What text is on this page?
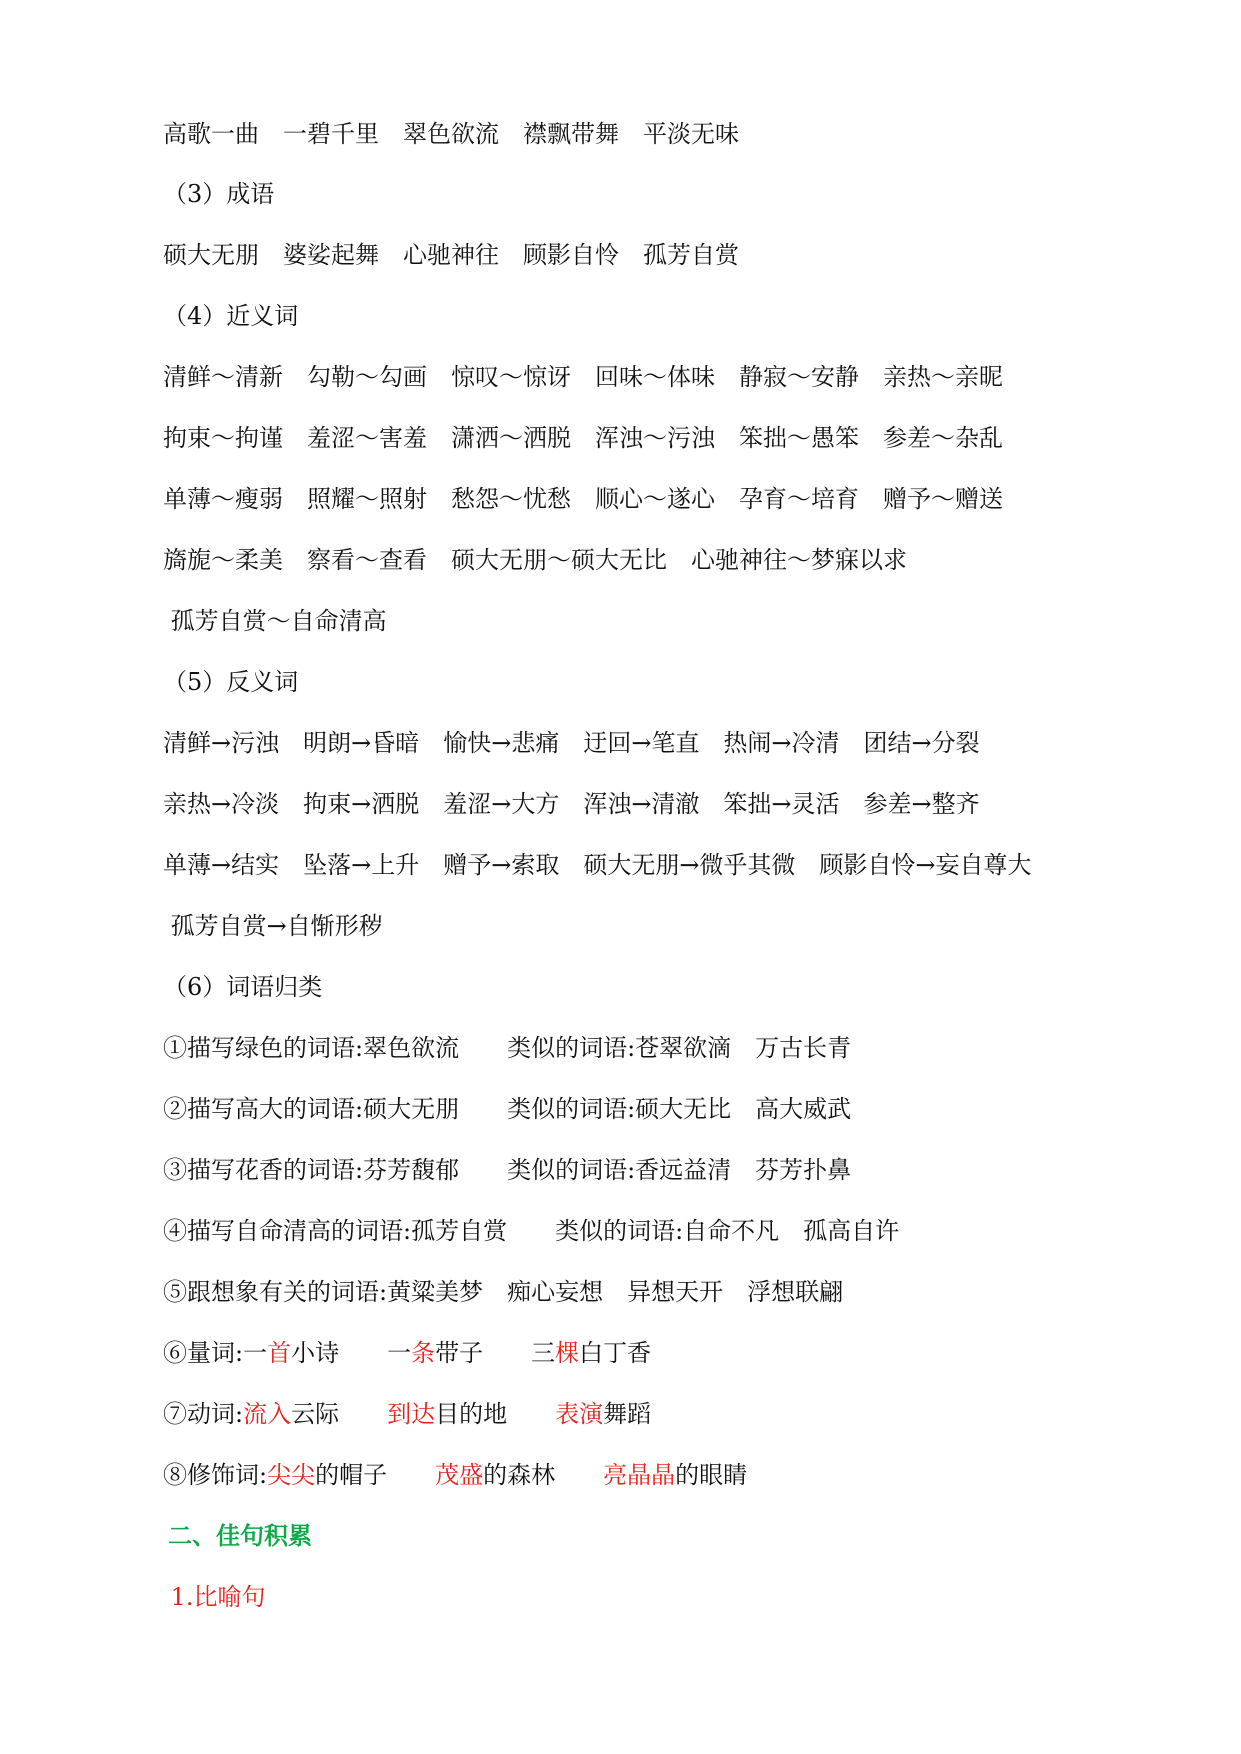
高歌一曲　一碧千里　翠色欲流　襟飘带舞　平淡无味
（3）成语
硕大无朋　婆娑起舞　心驰神往　顾影自怜　孤芳自赏
（4）近义词
清鲜～清新　勾勒～勾画　惊叹～惊讶　回味～体味　静寂～安静　亲热～亲昵
拘束～拘谨　羞涩～害羞　潇洒～洒脱　浑浊～污浊　笨拙～愚笨　参差～杂乱
单薄～瘦弱　照耀～照射　愁怨～忧愁　顺心～遂心　孕育～培育　赠予～赠送
旖旎～柔美　察看～查看　硕大无朋～硕大无比　心驰神往～梦寐以求
孤芳自赏～自命清高
（5）反义词
清鲜→污浊　明朗→昏暗　愉快→悲痛　迂回→笔直　热闹→冷清　团结→分裂
亲热→冷淡　拘束→洒脱　羞涩→大方　浑浊→清澈　笨拙→灵活　参差→整齐
单薄→结实　坠落→上升　赠予→索取　硕大无朋→微乎其微　顾影自怜→妄自尊大
孤芳自赏→自惭形秽
（6）词语归类
①描写绿色的词语:翠色欲流　　类似的词语:苍翠欲滴　万古长青
②描写高大的词语:硕大无朋　　类似的词语:硕大无比　高大威武
③描写花香的词语:芬芳馥郁　　类似的词语:香远益清　芬芳扑鼻
④描写自命清高的词语:孤芳自赏　　类似的词语:自命不凡　孤高自许
⑤跟想象有关的词语:黄粱美梦　痴心妄想　异想天开　浮想联翩
⑥量词:一首小诗　　 一条带子　　 三棵白丁香
⑦动词:流入云际　　 到达目的地　　 表演舞蹈
⑧修饰词:尖尖的帽子　　 茂盛的森林　　 亮晶晶的眼睛
二、佳句积累
1.比喻句
